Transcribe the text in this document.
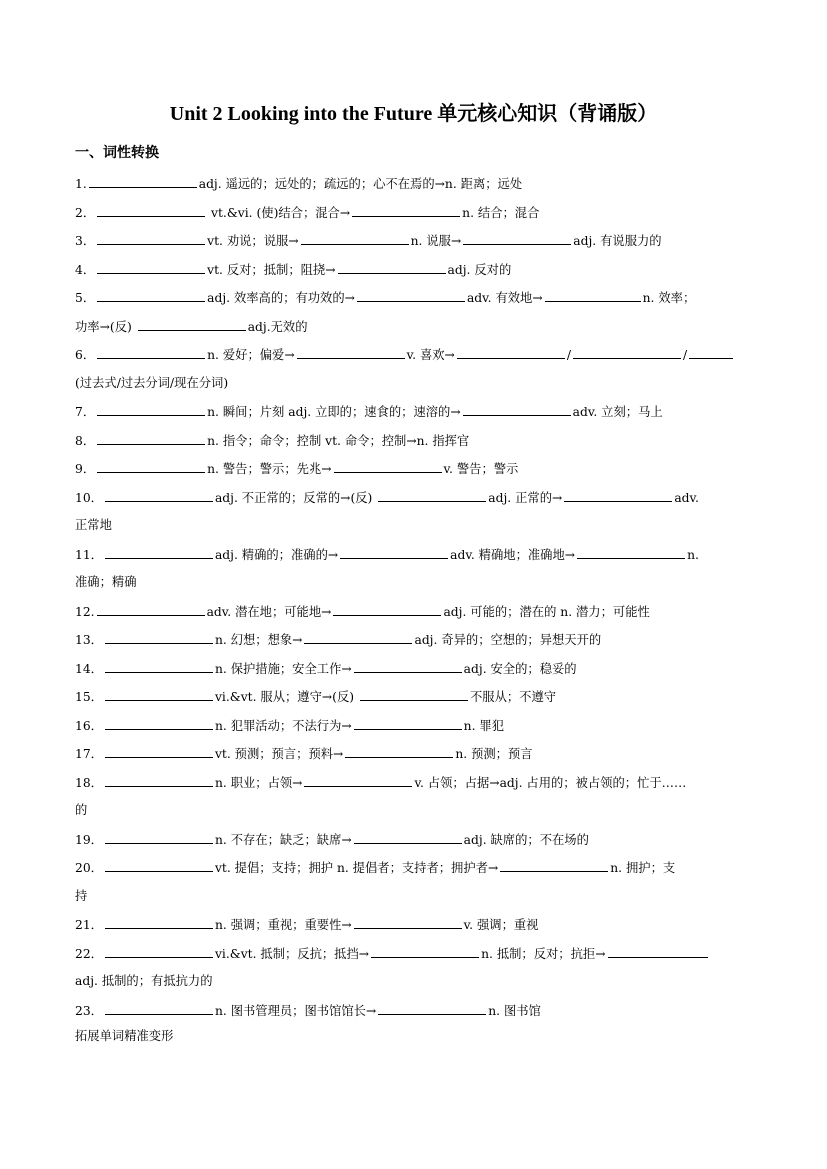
Unit 2 Looking into the Future 单元核心知识（背诵版）
一、词性转换
1.	adj. 遥远的；远处的；疏远的；心不在焉的→n. 距离；远处
2．	vt.&vi. (使)结合；混合→	n. 结合；混合
3．	vt. 劝说；说服→	n. 说服→	adj. 有说服力的
4．	vt. 反对；抵制；阻挠→	adj. 反对的
5．	adj. 效率高的；有功效的→	adv. 有效地→	n. 效率；
功率→(反)	adj.无效的
6．	n. 爱好；偏爱→	v. 喜欢→	/	/
(过去式/过去分词/现在分词)
7．	n. 瞬间；片刻 adj. 立即的；速食的；速溶的→	adv. 立刻；马上
8．	n. 指令；命令；控制 vt. 命令；控制→n. 指挥官
9．	n. 警告；警示；先兆→	v. 警告；警示
10．	adj. 不正常的；反常的→(反)	adj. 正常的→	adv.
正常地
11．	adj. 精确的；准确的→	adv. 精确地；准确地→	n.
准确；精确
12.	adv. 潜在地；可能地→	adj. 可能的；潜在的 n. 潜力；可能性
13．	n. 幻想；想象→	adj. 奇异的；空想的；异想天开的
14．	n. 保护措施；安全工作→	adj. 安全的；稳妥的
15．	vi.&vt. 服从；遵守→(反)	不服从；不遵守
16．	n. 犯罪活动；不法行为→	n. 罪犯
17．	vt. 预测；预言；预料→	n. 预测；预言
18．	n. 职业；占领→	v. 占领；占据→adj. 占用的；被占领的；忙于……
的
19．	n. 不存在；缺乏；缺席→	adj. 缺席的；不在场的
20．	vt. 提倡；支持；拥护 n. 提倡者；支持者；拥护者→	n. 拥护；支
持
21．	n. 强调；重视；重要性→	v. 强调；重视
22．	vi.&vt. 抵制；反抗；抵挡→	n. 抵制；反对；抗拒→
adj. 抵制的；有抵抗力的
23．	n. 图书管理员；图书馆馆长→	n. 图书馆
拓展单词精准变形
